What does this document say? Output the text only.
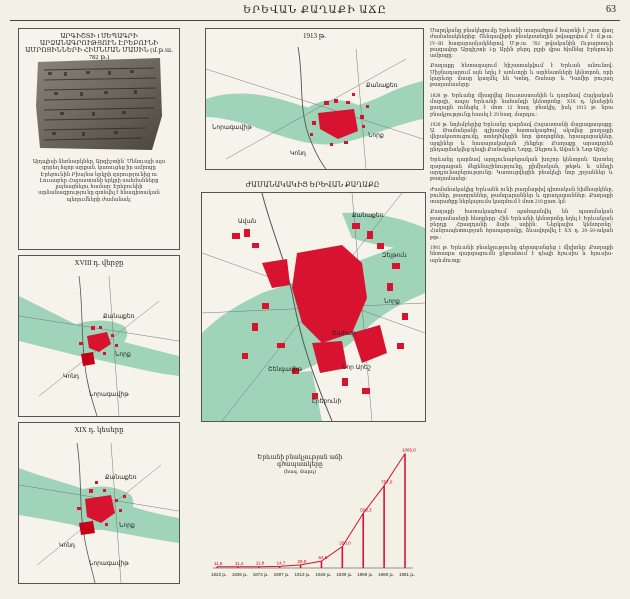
ԵՐԵՎԱՆ ՔԱՂԱՔԻ ԱՃԸ	63
ԱՐԳԻՇՏԻ I ՍԵՊԱԳՐԻ ԱՐՁԱՆԱԳՐՈՒԹՅՈՒՆ ԷՐԵԲՈՒՆԻ ԱՄՐՈՑԻՆՆԵՐԻ ՀԻՄՆՄԱՆ ՄԱՍԻՆ (մ.թ.ա. 782 թ.)
Այդպիսի ձեռնարկներ, Արգիշտին՝ Մենուայի այս զորեղ հզոր արքան, կառուցեց իր ամրոցը Էրեբունին Բիայնա երկրի զորությունից ու Լուսաբեր Հայաստանի երկրի սահմանները լայնացնելու համար: Էրեբունիի արձանագրությունը գտնվել է հնագիտական պեղումների ժամանակ:
XVIII դ. վերջը
Քանաքեռ
Նորք
Կոնդ
Նորագավիթ
XIX դ. կեսերը
Քանաքեռ
Նորք
Կոնդ
Նորագավիթ
1913 թ.
Քանաքեռ
Կոնդ
Նորք
Նորագավիթ
Քանաքեռ
Ավան
Զեյթուն
Նորք
Շահար
Նոր Արեշ
Շենգավիթ
Էրեբունի
ԺԱՄԱՆԱԿԱԿԻՑ ԵՐԵՎԱՆ ՔԱՂԱՔԸ
Երևանի բնակչության աճի գծապատկերը
(հազ. մարդ)
11,5
1823 թ.
11,4
1836 թ.
11,8
1873 թ.
14,7
1897 թ.
29,0
1913 թ.
64,6
1926 թ.
200,0
1939 թ.
509,3
1959 թ.
767,0
1969 թ.
1066,0
1981 թ.

Մարդկանց բնակեցումը Երևանի տարածքում հայտնի է շատ վաղ ժամանակներից: Շենգավիթի բնակատեղին թվագրվում է մ.թ.ա. IV–III հազարամյակներով: Մ.թ.ա. 782 թվականին Ուրարտուի թագավոր Արգիշտի I-ը Արին բերդ բլրի վրա հիմնեց Էրեբունի ամրոցը:

Քաղաքը հետագայում հիշատակվում է Երևան անունով: Միջնադարում այն եղել է առևտրի և արհեստների կենտրոն, որի կարևոր մասը կազմել են Կոնդ, Շահար և Դամիր բուլաղ թաղամասերը:

1828 թ. Երևանը միացվեց Ռուսաստանին և դարձավ Հայկական մարզի, ապա Երևանի նահանգի կենտրոնը: XIX դ. կեսերին քաղաքն ունեցել է մոտ 12 հազ. բնակիչ, իսկ 1913 թ. նրա բնակչությունը հասել է 29 հազ. մարդու:

1920 թ. նոյեմբերից Երևանը դարձավ Հայաստանի մայրաքաղաքը: Ա. Թամանյանի գլխավոր հատակագծով սկսվեց քաղաքի վերակառուցումը, ստեղծվեցին նոր փողոցներ, հրապարակներ, այգիներ և հասարակական շենքեր: Քաղաքը արագորեն ընդարձակվեց դեպի Քանաքեռ, Նորք, Զեյթուն, Ավան և Նոր Արեշ:

Երևանը դարձավ արդյունաբերական խոշոր կենտրոն: Այստեղ զարգացան մեքենաշինությունը, քիմիական, թեթև և սննդի արդյունաբերությունը: Կառուցվեցին բնակելի նոր շրջաններ և թաղամասեր:

Ժամանակակից Երևանն ունի բազմաթիվ գիտական հիմնարկներ, բուհեր, թատրոններ, թանգարաններ և գրադարաններ: Քաղաքի տարածքը ներկայումս կազմում է մոտ 210 քառ. կմ:

Քաղաքի հատակագծում պահպանվել են պատմական թաղամասերի հետքերը: Հին Երևանի կենտրոնը եղել է Երևանյան բերդը Հրազդանի ձախ ափին: Ներկայիս կենտրոնը՝ Հանրապետության հրապարակը, ձևավորվել է XX դ. 20–50-ական թթ.:

1981 թ. Երևանի բնակչությունը գերազանցեց 1 միլիոնը: Քաղաքի հետագա զարգացումն ընթանում է դեպի հյուսիս և հյուսիս-արևմուտք:
